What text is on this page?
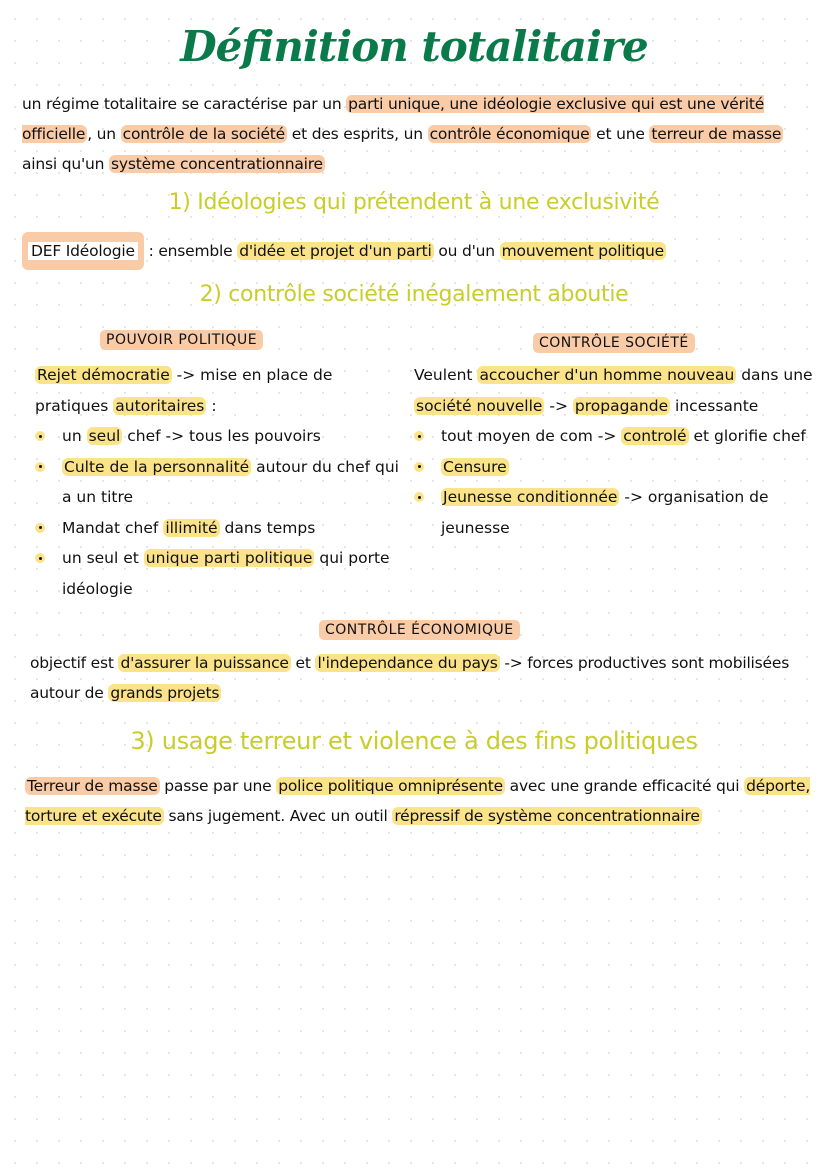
Définition totalitaire
un régime totalitaire se caractérise par un parti unique, une idéologie exclusive qui est une vérité officielle , un contrôle de la société et des esprits, un contrôle économique et une terreur de masse ainsi qu'un système concentrationnaire
1) Idéologies qui prétendent à une exclusivité
DEF Idéologie : ensemble d'idée et projet d'un parti ou d'un mouvement politique
2) contrôle société inégalement aboutie
POUVOIR POLITIQUE	CONTRÔLE SOCIÉTÉ
Rejet démocratie -> mise en place de pratiques autoritaires :
un seul chef -> tous les pouvoirs
Culte de la personnalité autour du chef qui a un titre
Mandat chef illimité dans temps
un seul et unique parti politique qui porte idéologie
Veulent accoucher d'un homme nouveau dans une société nouvelle -> propagande incessante
tout moyen de com -> controlé et glorifie chef
Censure
Jeunesse conditionnée -> organisation de jeunesse
CONTRÔLE ÉCONOMIQUE
objectif est d'assurer la puissance et l'independance du pays -> forces productives sont mobilisées autour de grands projets
3) usage terreur et violence à des fins politiques
Terreur de masse passe par une police politique omniprésente avec une grande efficacité qui déporte, torture et exécute sans jugement. Avec un outil répressif de système concentrationnaire
